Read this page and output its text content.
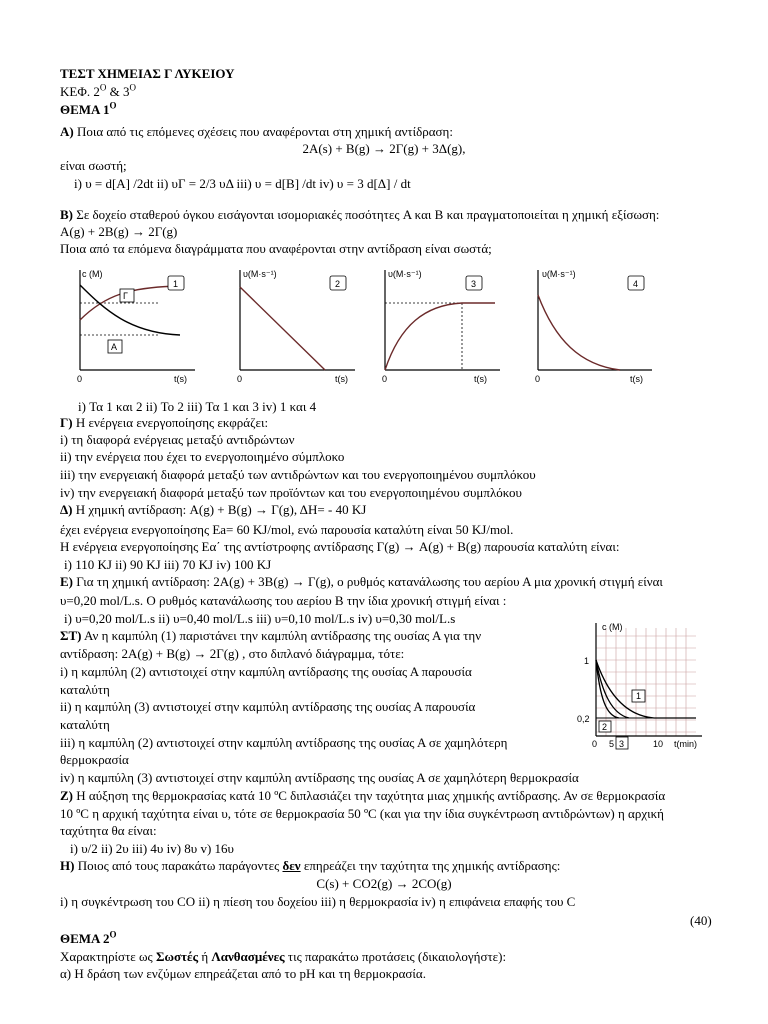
ΤΕΣΤ ΧΗΜΕΙΑΣ Γ ΛΥΚΕΙΟΥ
ΚΕΦ. $2^O$ & $3^O$
ΘΕΜΑ $1^O$
Α) Ποια από τις επόμενες σχέσεις που αναφέρονται στη χημική αντίδραση:
2Α(s) + Β(g) → 2Γ(g) + 3Δ(g),
είναι σωστή;
i) υ = d[A] /2dt ii) υΓ = 2/3 υΔ iii) υ = d[B] /dt iv) υ = 3 d[Δ] / dt
Β) Σε δοχείο σταθερού όγκου εισάγονται ισομοριακές ποσότητες A και B και πραγματοποιείται η χημική εξίσωση:
Α(g) + 2Β(g) → 2Γ(g)
Ποια από τα επόμενα διαγράμματα που αναφέρονται στην αντίδραση είναι σωστά;
c (M)
1
Γ
A
0	t(s)
υ(M·s⁻¹)
2
0	t(s)
υ(M·s⁻¹)
3
0	t(s)
υ(M·s⁻¹)
4
0	t(s)
i) Τα 1 και 2 ii) Το 2 iii) Τα 1 και 3 iv) 1 και 4
Γ) Η ενέργεια ενεργοποίησης εκφράζει:
i) τη διαφορά ενέργειας μεταξύ αντιδρώντων
ii) την ενέργεια που έχει το ενεργοποιημένο σύμπλοκο
iii) την ενεργειακή διαφορά μεταξύ των αντιδρώντων και του ενεργοποιημένου συμπλόκου
iv) την ενεργειακή διαφορά μεταξύ των προϊόντων και του ενεργοποιημένου συμπλόκου
Δ) Η χημική αντίδραση: A(g) + Β(g) → Γ(g), ΔH= - 40 KJ
έχει ενέργεια ενεργοποίησης Εa= 60 KJ/mol, ενώ παρουσία καταλύτη είναι 50 KJ/mol.
Η ενέργεια ενεργοποίησης Εα΄ της αντίστροφης αντίδρασης Γ(g) → A(g) + Β(g) παρουσία καταλύτη είναι:
i) 110 KJ ii) 90 KJ iii) 70 KJ iv) 100 KJ
Ε) Για τη χημική αντίδραση: 2Α(g) + 3Β(g) → Γ(g), ο ρυθμός κατανάλωσης του αερίου Α μια χρονική στιγμή είναι
υ=0,20 mol/L.s. Ο ρυθμός κατανάλωσης του αερίου Β την ίδια χρονική στιγμή είναι :
i) υ=0,20 mol/L.s ii) υ=0,40 mol/L.s iii) υ=0,10 mol/L.s iv) υ=0,30 mol/L.s
ΣΤ) Αν η καμπύλη (1) παριστάνει την καμπύλη αντίδρασης της ουσίας Α για την
αντίδραση: 2A(g) + Β(g) → 2Γ(g) , στο διπλανό διάγραμμα, τότε:
i) η καμπύλη (2) αντιστοιχεί στην καμπύλη αντίδρασης της ουσίας Α παρουσία
καταλύτη
ii) η καμπύλη (3) αντιστοιχεί στην καμπύλη αντίδρασης της ουσίας Α παρουσία
καταλύτη
iii) η καμπύλη (2) αντιστοιχεί στην καμπύλη αντίδρασης της ουσίας Α σε χαμηλότερη
θερμοκρασία
iv) η καμπύλη (3) αντιστοιχεί στην καμπύλη αντίδρασης της ουσίας Α σε χαμηλότερη θερμοκρασία
c (M)
1
0,2
1
2
3
0 5	10 t(min)
Ζ) Η αύξηση της θερμοκρασίας κατά 10 ºC διπλασιάζει την ταχύτητα μιας χημικής αντίδρασης. Αν σε θερμοκρασία
10 ºC η αρχική ταχύτητα είναι υ, τότε σε θερμοκρασία 50 ºC (και για την ίδια συγκέντρωση αντιδρώντων) η αρχική
ταχύτητα θα είναι:
i) υ/2 ii) 2υ iii) 4υ iv) 8υ v) 16υ
Η) Ποιος από τους παρακάτω παράγοντες δεν επηρεάζει την ταχύτητα της χημικής αντίδρασης:
C(s) + CO2(g) → 2CO(g)
i) η συγκέντρωση του CO ii) η πίεση του δοχείου iii) η θερμοκρασία iv) η επιφάνεια επαφής του C
(40)
ΘΕΜΑ $2^O$
Χαρακτηρίστε ως Σωστές ή Λανθασμένες τις παρακάτω προτάσεις (δικαιολογήστε):
α) Η δράση των ενζύμων επηρεάζεται από το pH και τη θερμοκρασία.
